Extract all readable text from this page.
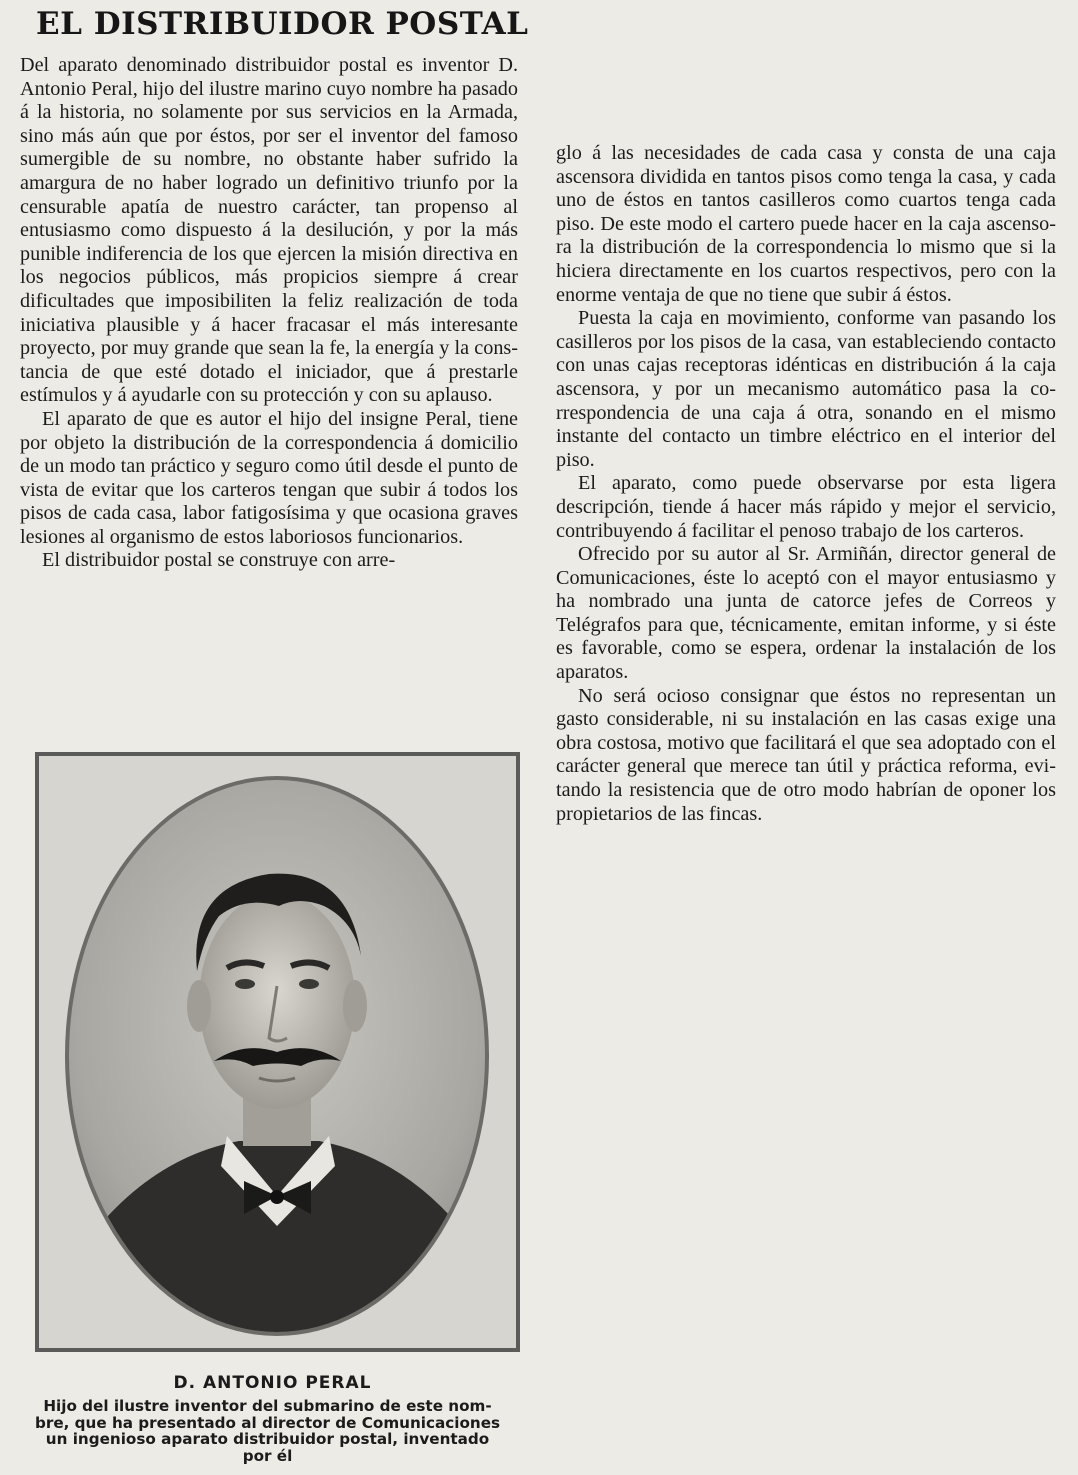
EL DISTRIBUIDOR POSTAL

Del aparato denominado distribuidor postal es inventor D. Antonio Peral, hijo del ilustre marino cuyo nombre ha pasado á la historia, no solamente por sus servicios en la Armada, sino más aún que por éstos, por ser el inventor del famoso sumergible de su nombre, no obstante haber sufrido la amargura de no haber logrado un definitivo triunfo por la censurable apatía de nuestro carácter, tan propenso al entusiasmo como dispuesto á la desilución, y por la más punible indiferencia de los que ejercen la misión directiva en los negocios públicos, más propicios siempre á crear dificultades que imposibiliten la feliz realización de toda iniciativa plausible y á hacer fracasar el más interesante proyecto, por muy grande que sean la fe, la energía y la constancia de que esté dotado el iniciador, que á prestarle estímulos y á ayudarle con su protección y con su aplauso.

El aparato de que es autor el hijo del insigne Peral, tiene por objeto la distribución de la correspondencia á domicilio de un modo tan práctico y seguro como útil desde el punto de vista de evitar que los carteros tengan que subir á todos los pisos de cada casa, labor fatigosísima y que ocasiona graves lesiones al organismo de estos laboriosos funcionarios.

El distribuidor postal se construye con arre-

glo á las necesidades de cada casa y consta de una caja ascensora dividida en tantos pisos como tenga la casa, y cada uno de éstos en tantos casilleros como cuartos tenga cada piso. De este modo el cartero puede hacer en la caja ascensora la distribución de la correspondencia lo mismo que si la hiciera directamente en los cuartos respectivos, pero con la enorme ventaja de que no tiene que subir á éstos.

Puesta la caja en movimiento, conforme van pasando los casilleros por los pisos de la casa, van estableciendo contacto con unas cajas receptoras idénticas en distribución á la caja ascensora, y por un mecanismo automático pasa la correspondencia de una caja á otra, sonando en el mismo instante del contacto un timbre eléctrico en el interior del piso.

El aparato, como puede observarse por esta ligera descripción, tiende á hacer más rápido y mejor el servicio, contribuyendo á facilitar el penoso trabajo de los carteros.

Ofrecido por su autor al Sr. Armiñán, director general de Comunicaciones, éste lo aceptó con el mayor entusiasmo y ha nombrado una junta de catorce jefes de Correos y Telégrafos para que, técnicamente, emitan informe, y si éste es favorable, como se espera, ordenar la instalación de los aparatos.

No será ocioso consignar que éstos no representan un gasto considerable, ni su instalación en las casas exige una obra costosa, motivo que facilitará el que sea adoptado con el carácter general que merece tan útil y práctica reforma, evitando la resistencia que de otro modo habrían de oponer los propietarios de las fincas.

D. ANTONIO PERAL
Hijo del ilustre inventor del submarino de este nom-
bre, que ha presentado al director de Comunicaciones
un ingenioso aparato distribuidor postal, inventado
por él
